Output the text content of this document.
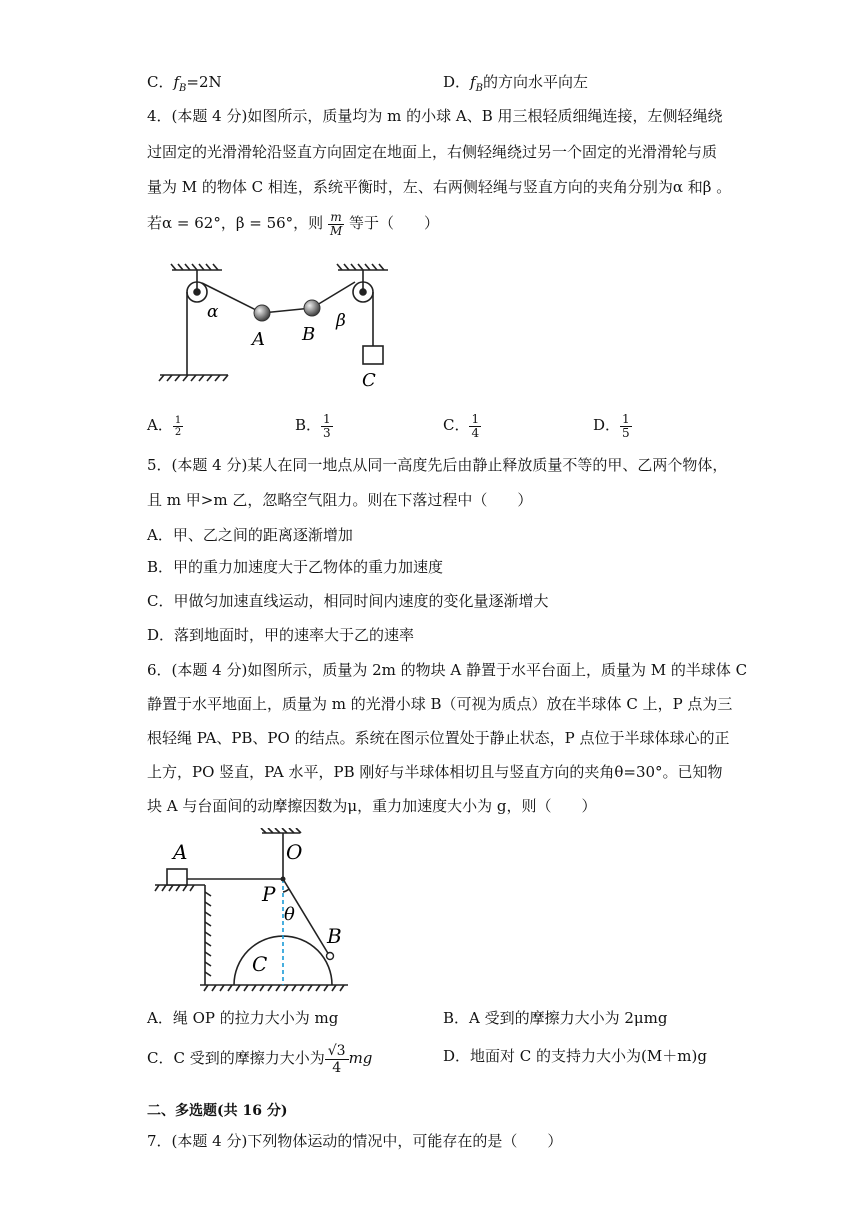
C．$f_B=2N$	D．$f_B$的方向水平向左
4．(本题 4 分)如图所示，质量均为 m 的小球 A、B 用三根轻质细绳连接，左侧轻绳绕
过固定的光滑滑轮沿竖直方向固定在地面上，右侧轻绳绕过另一个固定的光滑滑轮与质
量为 M 的物体 C 相连，系统平衡时，左、右两侧轻绳与竖直方向的夹角分别为α 和β 。
若α = 62°，β = 56°，则 $\frac{m}{M}$ 等于（　　）
α
A B
β
C
A． $\frac{1}{2}$	B． $\frac{1}{3}$	C． $\frac{1}{4}$	D． $\frac{1}{5}$
5．(本题 4 分)某人在同一地点从同一高度先后由静止释放质量不等的甲、乙两个物体，
且 m 甲>m 乙，忽略空气阻力。则在下落过程中（　　）
A．甲、乙之间的距离逐渐增加
B．甲的重力加速度大于乙物体的重力加速度
C．甲做匀加速直线运动，相同时间内速度的变化量逐渐增大
D．落到地面时，甲的速率大于乙的速率
6．(本题 4 分)如图所示，质量为 2m 的物块 A 静置于水平台面上，质量为 M 的半球体 C
静置于水平地面上，质量为 m 的光滑小球 B（可视为质点）放在半球体 C 上，P 点为三
根轻绳 PA、PB、PO 的结点。系统在图示位置处于静止状态，P 点位于半球体球心的正
上方，PO 竖直，PA 水平，PB 刚好与半球体相切且与竖直方向的夹角θ=30°。已知物
块 A 与台面间的动摩擦因数为μ，重力加速度大小为 g，则（　　）
A	O
P
θ
B
C
A．绳 OP 的拉力大小为 mg	B．A 受到的摩擦力大小为 2μmg
C．C 受到的摩擦力大小为 $\frac{√3}{4}$ mg	D．地面对 C 的支持力大小为(M＋m)g
二、多选题(共 16 分)
7．(本题 4 分)下列物体运动的情况中，可能存在的是（　　）
